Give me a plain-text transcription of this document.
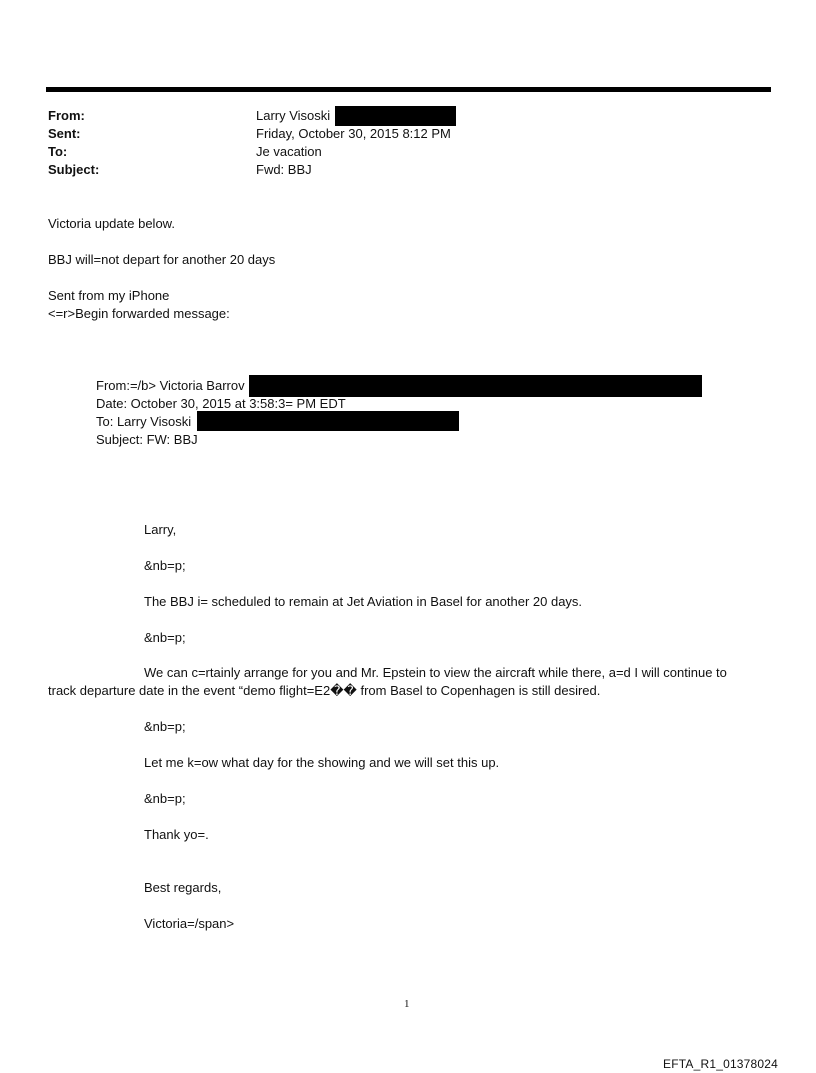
From:
Sent:
To:
Subject:
Larry Visoski
Friday, October 30, 2015 8:12 PM
Je vacation
Fwd: BBJ
Victoria update below.
BBJ will=not depart for another 20 days
Sent from my iPhone
<=r>Begin forwarded message:
From:=/b> Victoria Barrov
Date: October 30, 2015 at 3:58:3= PM EDT
To: Larry Visoski
Subject: FW: BBJ
Larry,
&nb=p;
The BBJ i= scheduled to remain at Jet Aviation in Basel for another 20 days.
&nb=p;
We can c=rtainly arrange for you and Mr. Epstein to view the aircraft while there, a=d I will continue to
track departure date in the event “demo flight=E2�� from Basel to Copenhagen is still desired.
&nb=p;
Let me k=ow what day for the showing and we will set this up.
&nb=p;
Thank yo=.
Best regards,
Victoria=/span>
1
EFTA_R1_01378024
